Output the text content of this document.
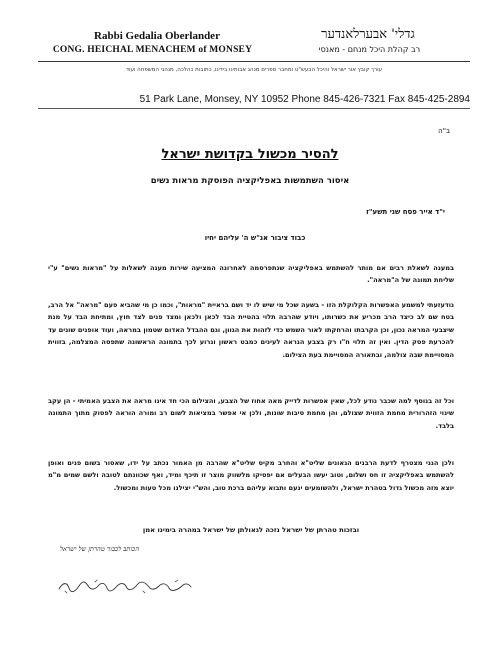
Rabbi Gedalia Oberlander
CONG. HEICHAL MENACHEM of MONSEY
גדלי' אבערלאנדער
רב קהלת היכל מנחם - מאנסי
עורך קובץ אור ישראל והיכל הבעש"ט ומחבר ספרים מנהג אבותינו בידינו, כתובות כהלכה, מנהגי המשפחה ועוד
51 Park Lane, Monsey, NY 10952 Phone 845-426-7321 Fax 845-425-2894
ב"ה
להסיר מכשול בקדושת ישראל
איסור השתמשות באפליקציה הפוסקת מראות נשים
י"ד אייר פסח שני תשע"ז
כבוד ציבור אנ"ש ה' עליהם יחיו
במענה לשאלת רבים אם מותר להשתמש באפליקציה שנתפרסמה לאחרונה המציעה שירות מענה לשאלות על "מראות נשים" ע"י שליחת תמונה של ה"מראה".
נודעזעתי למשמע האפשרות הקלוקלת הזו - בשעה שכל מי שיש לו יד ושם בראיית "מראות", וכמו כן מי שהביא פעם "מראה" אל הרב, בטח שם לב כיצד הרב מכריע את כשרותו, ויודע שהרבה תלוי בהטיית הבד לכאן ולכאן ומצד פנים לצד חוץ, ומתיחת הבד על מנת שיצבעי המראה נכון, וכן הקרבתו והרחקתו לאור השמש כדי לזהות את הגוון, וגם ההבדל האדום שטמון במראה, ועוד אופנים שונים עד להכרעת פסק הדין. ואין זה תלוי ח"ו רק בצבע הנראה לעינים כמבט ראשון וגרוע לכך בתמונה הראשונה שתפסה המצלמה, בזווית המסויימת שבה צולמה, ובתאורה המסויימת בעת הצילום.
וכל זה בנוסף למה שכבר נודע לכל, שאין אפשרות לדייק מאה אחוז של הצבע, והצילום הכי חד אינו מראה את הצבע האמיתי - הן עקב שינוי הזהרורית מחמת הזווית שצולם, והן מחמת סיבות שונות, ולכן אי אפשר במציאות לשום רב ומורה הוראה לפסוק מתוך התמונה בלבד.
ולכן הנני מצטרף לדעת הרבנים הגאונים שליט"א והחרב מקיס שליט"א שהרבה מן האמור נכתב על ידו, שאסור בשום פנים ואופן להשתמש באפליקציה זו חס ושלום, וטוב יעשו הבעלים אם יפסיקו מלשווק מוצר זו תיכף ומיד, ואף שכוונתם לטובה ולשם שמים מ"מ יוצא מזה מכשול גדול בטהרת ישראל, ולהשומעים ינעם ותבוא עליהם ברכת טוב, והש"י יצילנו מכל טעות ומכשול.
ובזכות טהרתן של ישראל נזכה לגאולתן של ישראל במהרה בימינו אמן
הכותב לכבוד טהרתן של ישראל
